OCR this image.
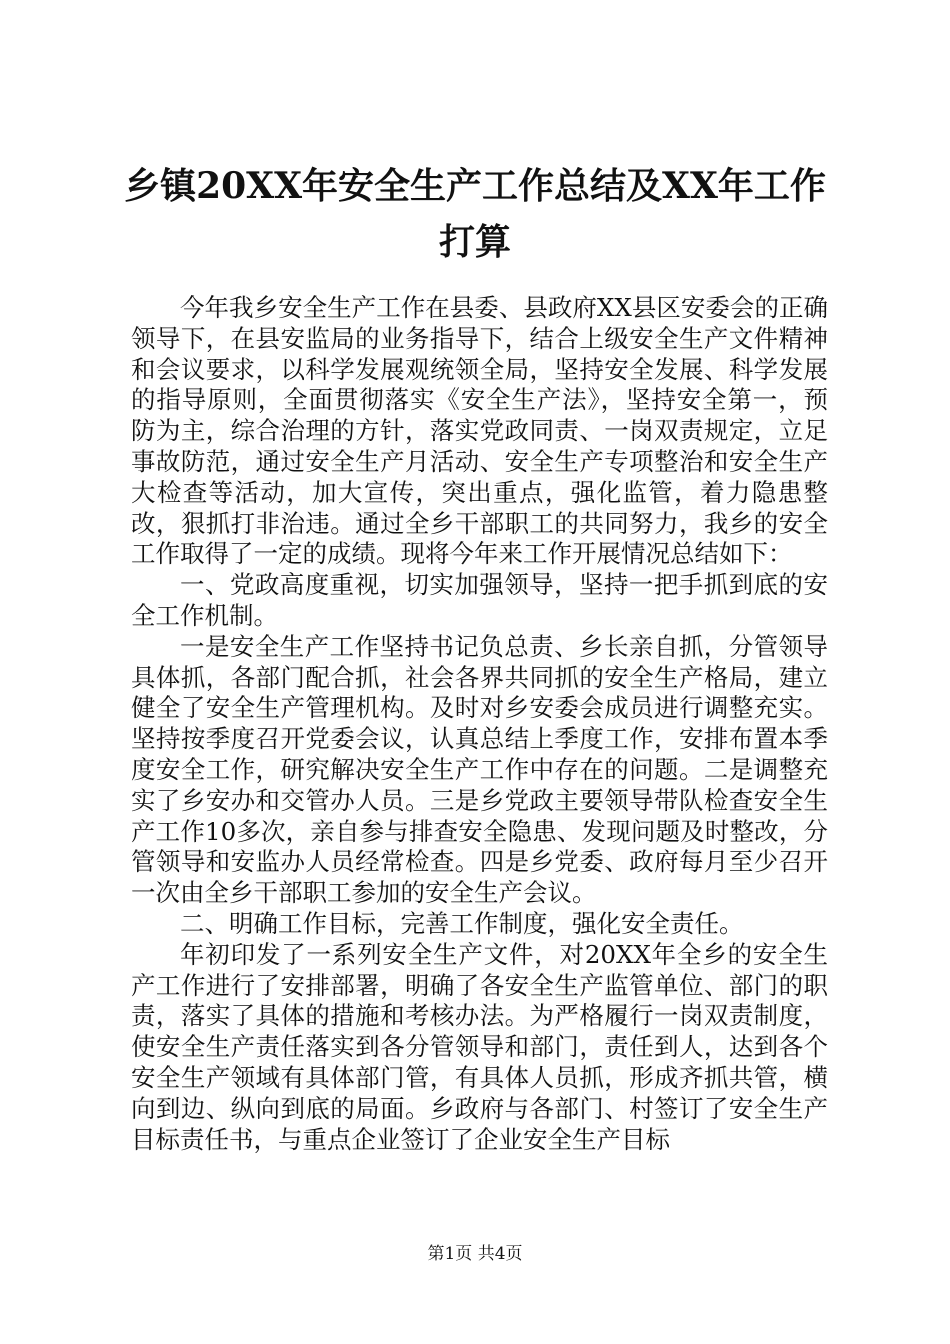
乡镇20XX年安全生产工作总结及XX年工作打算

今年我乡安全生产工作在县委、县政府XX县区安委会的正确领导下，在县安监局的业务指导下，结合上级安全生产文件精神和会议要求，以科学发展观统领全局，坚持安全发展、科学发展的指导原则，全面贯彻落实《安全生产法》，坚持安全第一，预防为主，综合治理的方针，落实党政同责、一岗双责规定，立足事故防范，通过安全生产月活动、安全生产专项整治和安全生产大检查等活动，加大宣传，突出重点，强化监管，着力隐患整改，狠抓打非治违。通过全乡干部职工的共同努力，我乡的安全工作取得了一定的成绩。现将今年来工作开展情况总结如下：

一、党政高度重视，切实加强领导，坚持一把手抓到底的安全工作机制。

一是安全生产工作坚持书记负总责、乡长亲自抓，分管领导具体抓，各部门配合抓，社会各界共同抓的安全生产格局，建立健全了安全生产管理机构。及时对乡安委会成员进行调整充实。坚持按季度召开党委会议，认真总结上季度工作，安排布置本季度安全工作，研究解决安全生产工作中存在的问题。二是调整充实了乡安办和交管办人员。三是乡党政主要领导带队检查安全生产工作10多次，亲自参与排查安全隐患、发现问题及时整改，分管领导和安监办人员经常检查。四是乡党委、政府每月至少召开一次由全乡干部职工参加的安全生产会议。

二、明确工作目标，完善工作制度，强化安全责任。

年初印发了一系列安全生产文件，对20XX年全乡的安全生产工作进行了安排部署，明确了各安全生产监管单位、部门的职责，落实了具体的措施和考核办法。为严格履行一岗双责制度，使安全生产责任落实到各分管领导和部门，责任到人，达到各个安全生产领域有具体部门管，有具体人员抓，形成齐抓共管，横向到边、纵向到底的局面。乡政府与各部门、村签订了安全生产目标责任书，与重点企业签订了企业安全生产目标

第1页 共4页
